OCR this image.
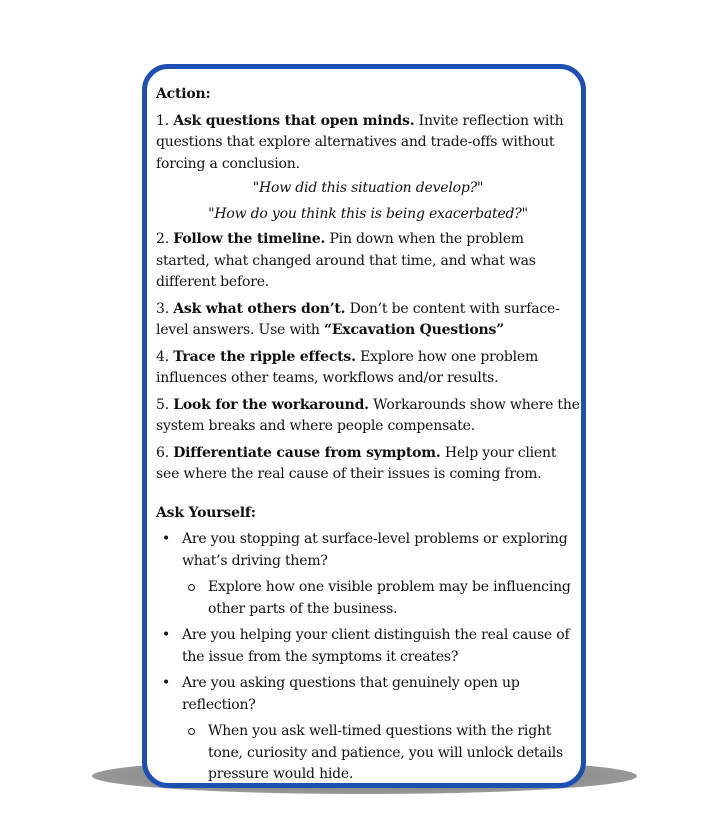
Action:
1. Ask questions that open minds. Invite reflection with questions that explore alternatives and trade-offs without forcing a conclusion.
"How did this situation develop?"
"How do you think this is being exacerbated?"
2. Follow the timeline. Pin down when the problem started, what changed around that time, and what was different before.
3. Ask what others don’t. Don’t be content with surface-level answers. Use with “Excavation Questions”
4. Trace the ripple effects. Explore how one problem influences other teams, workflows and/or results.
5. Look for the workaround. Workarounds show where the system breaks and where people compensate.
6. Differentiate cause from symptom. Help your client see where the real cause of their issues is coming from.
Ask Yourself:
• Are you stopping at surface-level problems or exploring what’s driving them?
Explore how one visible problem may be influencing other parts of the business.
• Are you helping your client distinguish the real cause of the issue from the symptoms it creates?
• Are you asking questions that genuinely open up reflection?
When you ask well-timed questions with the right tone, curiosity and patience, you will unlock details pressure would hide.
